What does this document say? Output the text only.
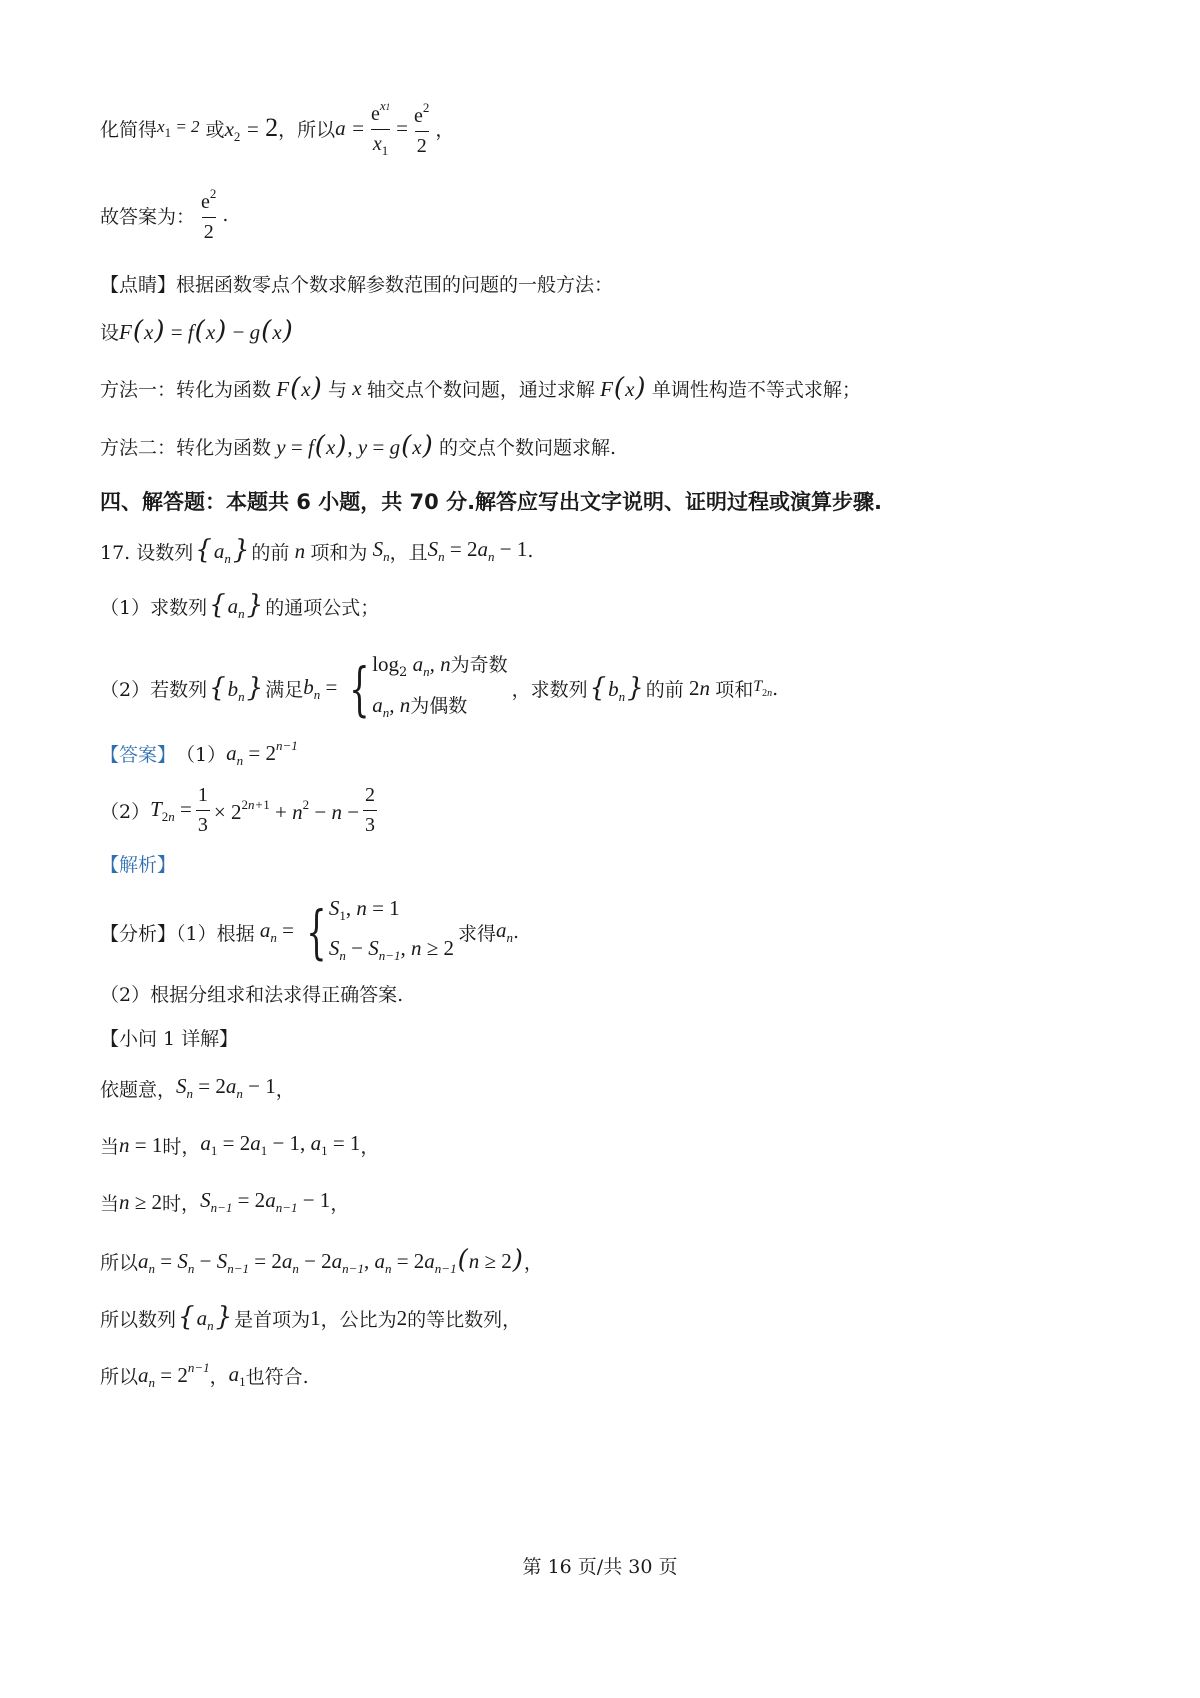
化简得 $x_1 = 2$ 或 $x_2 = 2$ ，所以 $a = \frac{e^{x1}}{x_1} = \frac{e^2}{2}$ ，
故答案为： $\frac{e^2}{2}$ .
【点睛】根据函数零点个数求解参数范围的问题的一般方法：
设 F(x) = f(x) − g(x)
方法一：转化为函数 F(x) 与 x 轴交点个数问题，通过求解 F(x) 单调性构造不等式求解；
方法二：转化为函数 y = f(x), y = g(x) 的交点个数问题求解.
四、解答题：本题共 6 小题，共 70 分.解答应写出文字说明、证明过程或演算步骤.
17. 设数列 $\{a_n\}$ 的前 n 项和为 $S_n$ ，且 $S_n = 2a_n - 1$ .
（1）求数列 $\{a_n\}$ 的通项公式；
（2）若数列 $\{b_n\}$ 满足 $b_n$ = { $\log_2 a_n$, n为奇数
$a_n$, n为偶数
，求数列 $\{b_n\}$ 的前 2n 项和 $T_{2n}$ .
【答案】 （1） $a_n = 2^{n-1}$
（2） $T_{2n} = \frac{1}{3} \times 2^{2n+1} + n^2 - n - \frac{2}{3}$
【解析】
【分析】（1）根据 $a_n$ = { $S_1$, n = 1
$S_n - S_{n-1}$, n ≥ 2
求得 $a_n$ .
（2）根据分组求和法求得正确答案.
【小问 1 详解】
依题意， $S_n = 2a_n - 1$ ，
当 n = 1 时， $a_1 = 2a_1 - 1$, $a_1 = 1$ ，
当 n ≥ 2 时， $S_{n-1} = 2a_{n-1} - 1$ ，
所以 $a_n = S_n - S_{n-1} = 2a_n - 2a_{n-1}$, $a_n = 2a_{n-1}(n \ge 2)$ ，
所以数列 $\{a_n\}$ 是首项为 1 ，公比为 2 的等比数列，
所以 $a_n = 2^{n-1}$ ， $a_1$ 也符合.
第 16 页/共 30 页
